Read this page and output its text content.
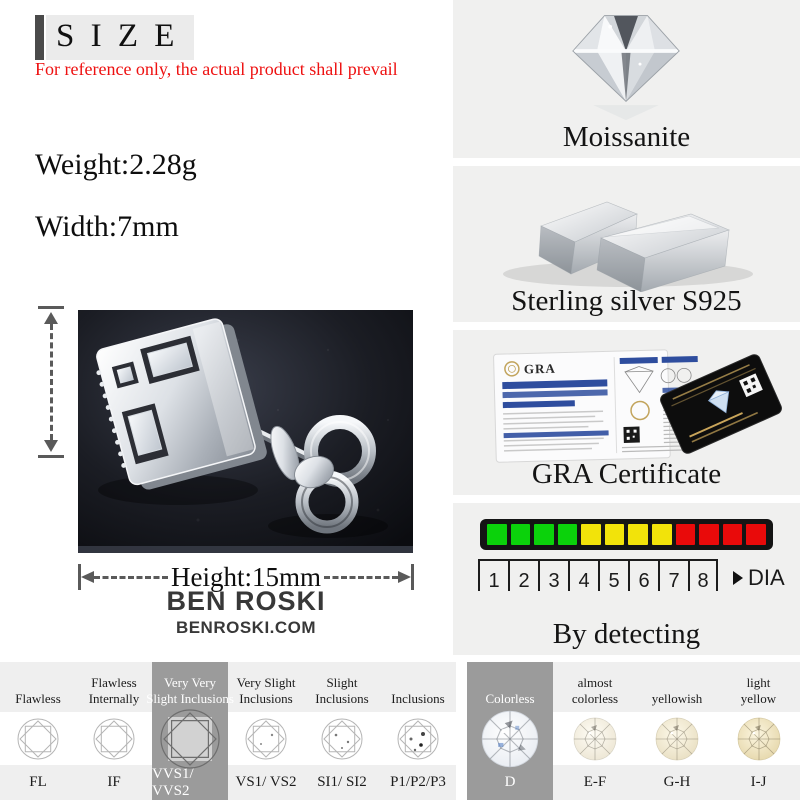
S I Z E
For reference only, the actual product shall prevail
Weight:2.28g
Width:7mm
Height:15mm
BEN ROSKI
BENROSKI.COM
Moissanite
Sterling silver S925
GRA
GRA Certificate
1 2 3 4 5 6 7 8	DIA
By detecting
Flawless
FL
Flawless
Internally
IF
Very Very
Slight Inclusions
VVS1/ VVS2
Very Slight
Inclusions
VS1/ VS2
Slight
Inclusions
SI1/ SI2
Inclusions
P1/P2/P3
Colorless
D
almost
colorless
E-F
yellowish
G-H
light
yellow
I-J
